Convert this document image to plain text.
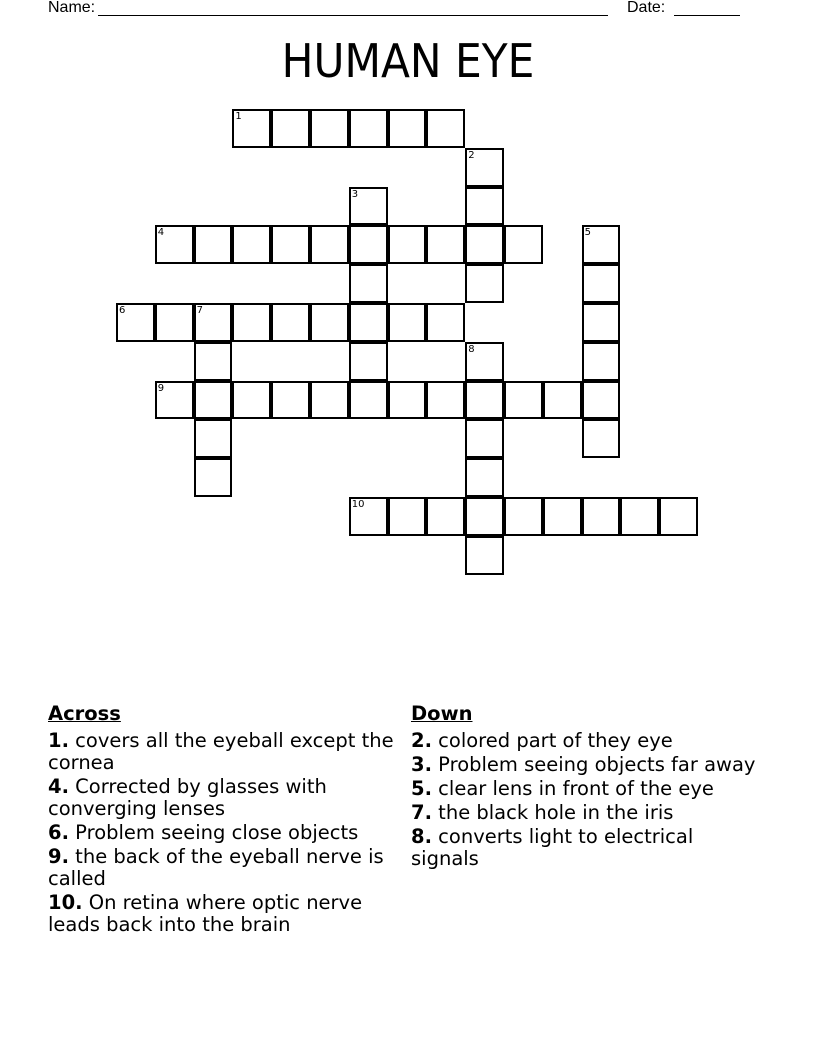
Name:	Date:
HUMAN EYE
1
2
3
4	5
6	7
8
9
10
Across
1. covers all the eyeball except the cornea
4. Corrected by glasses with converging lenses
6. Problem seeing close objects
9. the back of the eyeball nerve is called
10. On retina where optic nerve leads back into the brain
Down
2. colored part of they eye
3. Problem seeing objects far away
5. clear lens in front of the eye
7. the black hole in the iris
8. converts light to electrical signals
